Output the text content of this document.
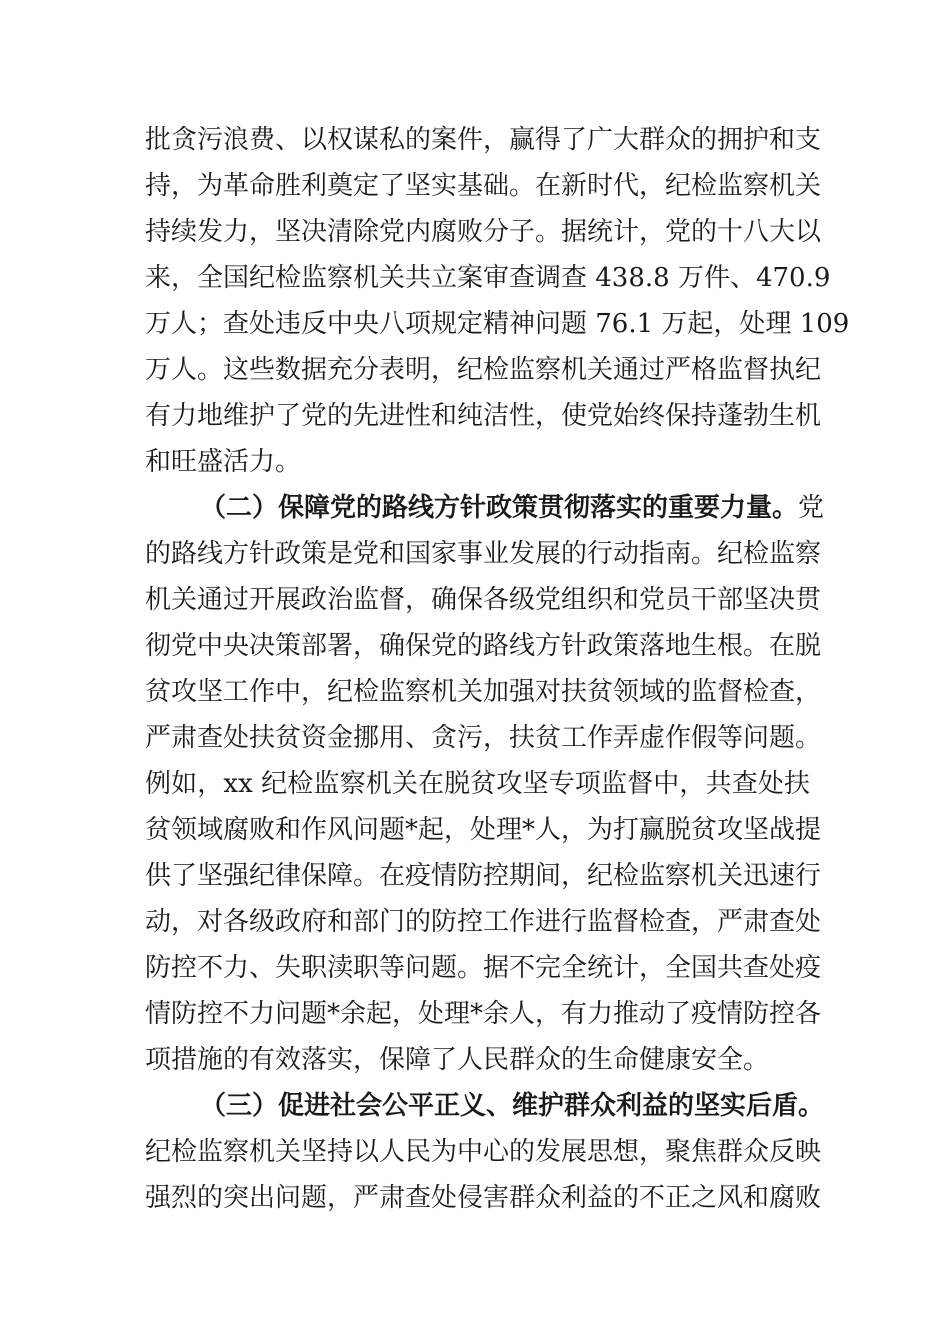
批贪污浪费、以权谋私的案件，赢得了广大群众的拥护和支
持，为革命胜利奠定了坚实基础。在新时代，纪检监察机关
持续发力，坚决清除党内腐败分子。据统计，党的十八大以
来，全国纪检监察机关共立案审查调查 438.8 万件、470.9
万人；查处违反中央八项规定精神问题 76.1 万起，处理 109
万人。这些数据充分表明，纪检监察机关通过严格监督执纪
有力地维护了党的先进性和纯洁性，使党始终保持蓬勃生机
和旺盛活力。
（二）保障党的路线方针政策贯彻落实的重要力量。党
的路线方针政策是党和国家事业发展的行动指南。纪检监察
机关通过开展政治监督，确保各级党组织和党员干部坚决贯
彻党中央决策部署，确保党的路线方针政策落地生根。在脱
贫攻坚工作中，纪检监察机关加强对扶贫领域的监督检查，
严肃查处扶贫资金挪用、贪污，扶贫工作弄虚作假等问题。
例如，xx 纪检监察机关在脱贫攻坚专项监督中，共查处扶
贫领域腐败和作风问题*起，处理*人，为打赢脱贫攻坚战提
供了坚强纪律保障。在疫情防控期间，纪检监察机关迅速行
动，对各级政府和部门的防控工作进行监督检查，严肃查处
防控不力、失职渎职等问题。据不完全统计，全国共查处疫
情防控不力问题*余起，处理*余人，有力推动了疫情防控各
项措施的有效落实，保障了人民群众的生命健康安全。
（三）促进社会公平正义、维护群众利益的坚实后盾。
纪检监察机关坚持以人民为中心的发展思想，聚焦群众反映
强烈的突出问题，严肃查处侵害群众利益的不正之风和腐败
